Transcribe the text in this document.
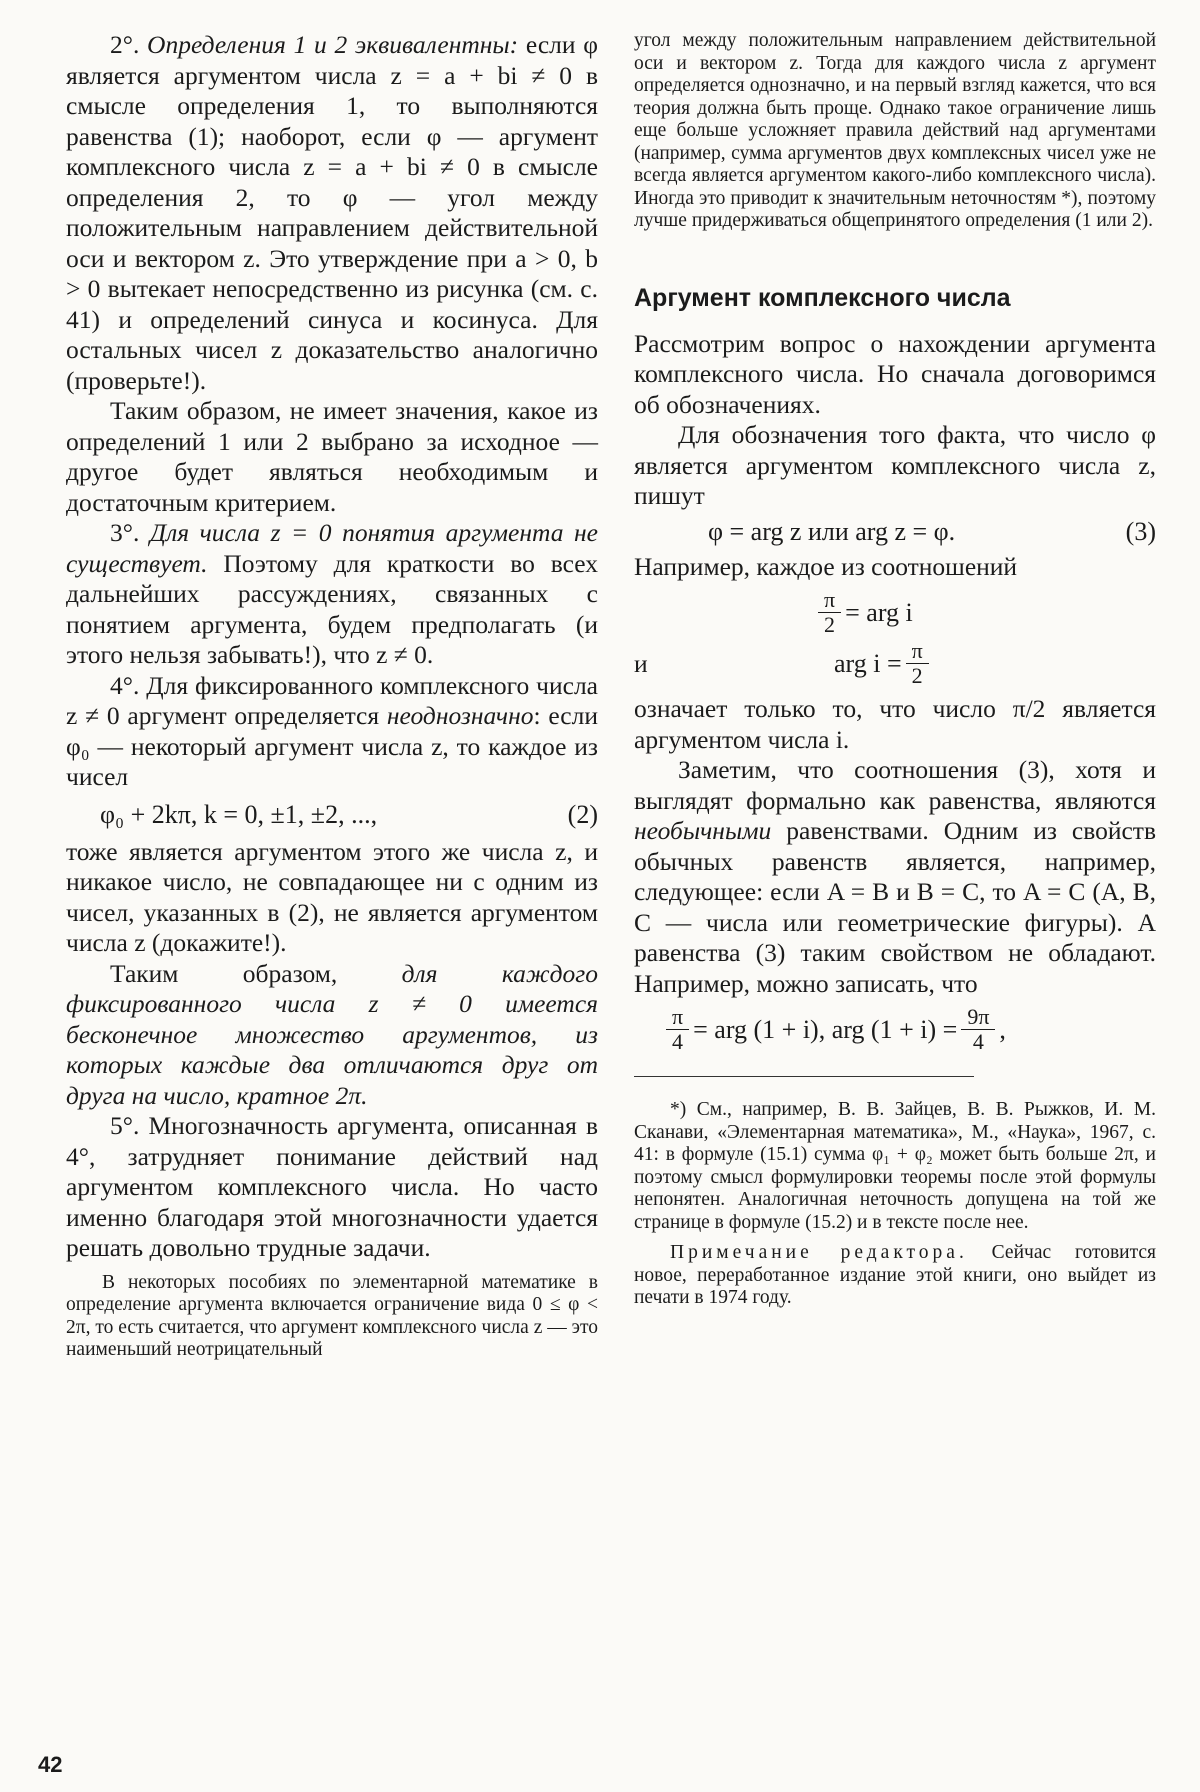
2°. Определения 1 и 2 эквивалентны: если φ является аргументом числа z = a + bi ≠ 0 в смысле определения 1, то выполняются равенства (1); наоборот, если φ — аргумент комплексного числа z = a + bi ≠ 0 в смысле определения 2, то φ — угол между положительным направлением действительной оси и вектором z. Это утверждение при a > 0, b > 0 вытекает непосредственно из рисунка (см. с. 41) и определений синуса и косинуса. Для остальных чисел z доказательство аналогично (проверьте!).

Таким образом, не имеет значения, какое из определений 1 или 2 выбрано за исходное — другое будет являться необходимым и достаточным критерием.

3°. Для числа z = 0 понятия аргумента не существует. Поэтому для краткости во всех дальнейших рассуждениях, связанных с понятием аргумента, будем предполагать (и этого нельзя забывать!), что z ≠ 0.

4°. Для фиксированного комплексного числа z ≠ 0 аргумент определяется неоднозначно: если φ₀ — некоторый аргумент числа z, то каждое из чисел

φ₀ + 2kπ, k = 0, ±1, ±2, ...,	(2)

тоже является аргументом этого же числа z, и никакое число, не совпадающее ни с одним из чисел, указанных в (2), не является аргументом числа z (докажите!).

Таким образом, для каждого фиксированного числа z ≠ 0 имеется бесконечное множество аргументов, из которых каждые два отличаются друг от друга на число, кратное 2π.

5°. Многозначность аргумента, описанная в 4°, затрудняет понимание действий над аргументом комплексного числа. Но часто именно благодаря этой многозначности удается решать довольно трудные задачи.

В некоторых пособиях по элементарной математике в определение аргумента включается ограничение вида 0 ≤ φ < 2π, то есть считается, что аргумент комплексного числа z — это наименьший неотрицательный

угол между положительным направлением действительной оси и вектором z. Тогда для каждого числа z аргумент определяется однозначно, и на первый взгляд кажется, что вся теория должна быть проще. Однако такое ограничение лишь еще больше усложняет правила действий над аргументами (например, сумма аргументов двух комплексных чисел уже не всегда является аргументом какого-либо комплексного числа). Иногда это приводит к значительным неточностям *), поэтому лучше придерживаться общепринятого определения (1 или 2).

Аргумент комплексного числа

Рассмотрим вопрос о нахождении аргумента комплексного числа. Но сначала договоримся об обозначениях.

Для обозначения того факта, что число φ является аргументом комплексного числа z, пишут

φ = arg z или arg z = φ.	(3)

Например, каждое из соотношений

$\frac{\pi}{2}$ = arg i
и	arg $i = \frac{\pi}{2}$

означает только то, что число π/2 является аргументом числа i.

Заметим, что соотношения (3), хотя и выглядят формально как равенства, являются необычными равенствами. Одним из свойств обычных равенств является, например, следующее: если A = B и B = C, то A = C (A, B, C — числа или геометрические фигуры). А равенства (3) таким свойством не обладают. Например, можно записать, что

$\frac{\pi}{4}$ = arg (1 + i), arg $(1 + i) = \frac{9\pi}{4}$ ,

*) См., например, В. В. Зайцев, В. В. Рыжков, И. М. Сканави, «Элементарная математика», М., «Наука», 1967, с. 41: в формуле (15.1) сумма φ₁ + φ₂ может быть больше 2π, и поэтому смысл формулировки теоремы после этой формулы непонятен. Аналогичная неточность допущена на той же странице в формуле (15.2) и в тексте после нее.

Примечание редактора. Сейчас готовится новое, переработанное издание этой книги, оно выйдет из печати в 1974 году.

42
